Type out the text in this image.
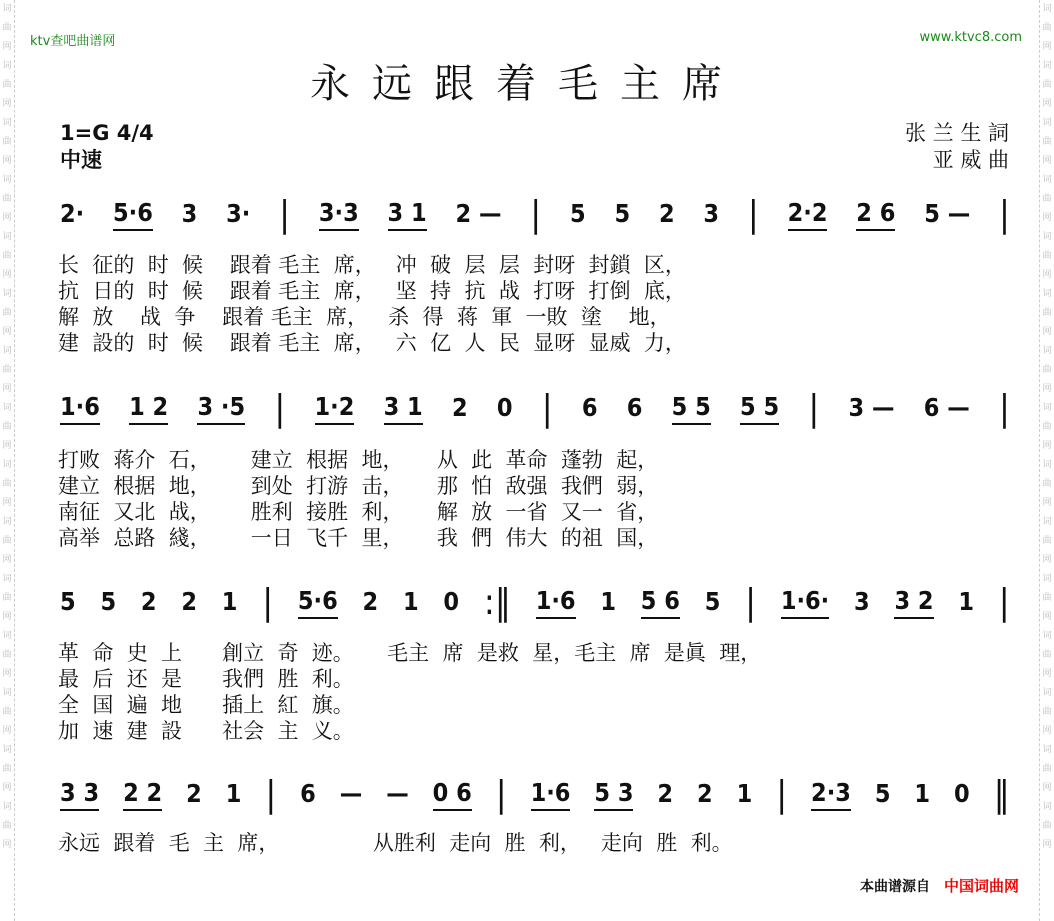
词曲网词曲网词曲网词曲网词曲网词曲网词曲网词曲网词曲网词曲网词曲网词曲网词曲网词曲网词曲网
词曲网词曲网词曲网词曲网词曲网词曲网词曲网词曲网词曲网词曲网词曲网词曲网词曲网词曲网词曲网
ktv查吧曲谱网	www.ktvc8.com
永远跟着毛主席
1=G 4/4
中速
张 兰 生 詞
亚 威 曲
2· 5·6 3 3· | 3·3 3 1 2 — | 5 5 2 3 | 2·2 2 6 5 — |
长  征的  时  候    跟着 毛主  席，   冲  破  层  层  封呀  封鎖  区，
抗  日的  时  候    跟着 毛主  席，   坚  持  抗  战  打呀  打倒  底，
解  放    战  争    跟着 毛主  席，   杀  得  蒋  軍  一敗  塗    地，
建  設的  时  候    跟着 毛主  席，   六  亿  人  民  显呀  显威  力，
1·6 1 2 3 ·5 | 1·2 3 1 2 0 | 6 6 5 5 5 5 | 3 — 6 — |
打败  蒋介  石，      建立  根据  地，     从  此  革命  蓬勃  起，
建立  根据  地，      到处  打游  击，     那  怕  敌强  我們  弱，
南征  又北  战，      胜利  接胜  利，     解  放  一省  又一  省，
高举  总路  綫，      一日  飞千  里，     我  們  伟大  的祖  国，
5 5 2 2 1 | 5·6 2 1 0 :‖ 1·6 1 5 6 5 | 1·6· 3 3 2 1 |
革  命  史  上      創立  奇  迹。     毛主  席  是救  星，毛主  席  是眞  理，
最  后  还  是      我們  胜  利。
全  国  遍  地      插上  紅  旗。
加  速  建  設      社会  主  义。
3 3 2 2 2 1 | 6 — — 0 6 | 1·6 5 3 2 2 1 | 2·3 5 1 0 ‖
永远  跟着  毛  主  席，              从胜利  走向  胜  利，   走向  胜  利。
本曲谱源自 中国词曲网
